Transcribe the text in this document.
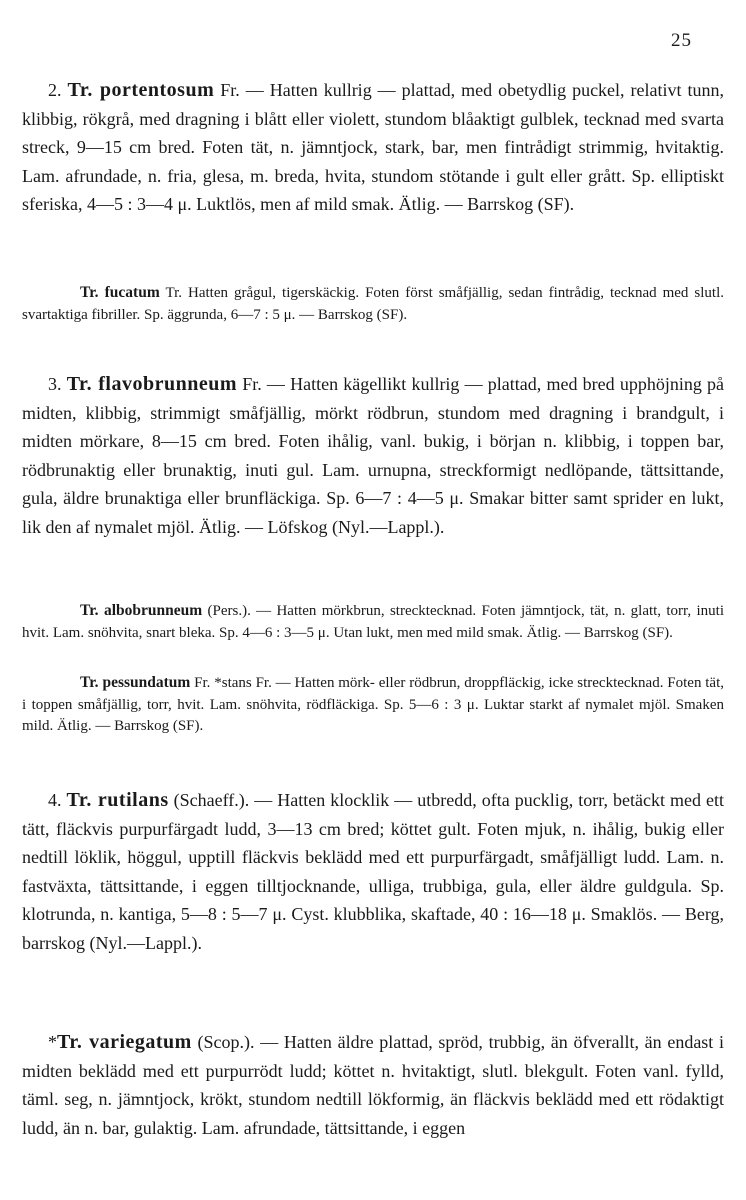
25

2. Tr. portentosum Fr. — Hatten kullrig — plattad, med obetydlig puckel, relativt tunn, klibbig, rökgrå, med dragning i blått eller violett, stundom blåaktigt gulblek, tecknad med svarta streck, 9—15 cm bred. Foten tät, n. jämntjock, stark, bar, men fintrådigt strimmig, hvitaktig. Lam. afrundade, n. fria, glesa, m. breda, hvita, stundom stötande i gult eller grått. Sp. elliptiskt sferiska, 4—5 : 3—4 μ. Luktlös, men af mild smak. Ätlig. — Barrskog (SF).

Tr. fucatum Tr. Hatten grågul, tigerskäckig. Foten först småfjällig, sedan fintrådig, tecknad med slutl. svartaktiga fibriller. Sp. äggrunda, 6—7 : 5 μ. — Barrskog (SF).

3. Tr. flavobrunneum Fr. — Hatten kägellikt kullrig — plattad, med bred upphöjning på midten, klibbig, strimmigt småfjällig, mörkt rödbrun, stundom med dragning i brandgult, i midten mörkare, 8—15 cm bred. Foten ihålig, vanl. bukig, i början n. klibbig, i toppen bar, rödbrunaktig eller brunaktig, inuti gul. Lam. urnupna, streckformigt nedlöpande, tättsittande, gula, äldre brunaktiga eller brunfläckiga. Sp. 6—7 : 4—5 μ. Smakar bitter samt sprider en lukt, lik den af nymalet mjöl. Ätlig. — Löfskog (Nyl.—Lappl.).

Tr. albobrunneum (Pers.). — Hatten mörkbrun, strecktecknad. Foten jämntjock, tät, n. glatt, torr, inuti hvit. Lam. snöhvita, snart bleka. Sp. 4—6 : 3—5 μ. Utan lukt, men med mild smak. Ätlig. — Barrskog (SF).

Tr. pessundatum Fr. *stans Fr. — Hatten mörk- eller rödbrun, droppfläckig, icke strecktecknad. Foten tät, i toppen småfjällig, torr, hvit. Lam. snöhvita, rödfläckiga. Sp. 5—6 : 3 μ. Luktar starkt af nymalet mjöl. Smaken mild. Ätlig. — Barrskog (SF).

4. Tr. rutilans (Schaeff.). — Hatten klocklik — utbredd, ofta pucklig, torr, betäckt med ett tätt, fläckvis purpurfärgadt ludd, 3—13 cm bred; köttet gult. Foten mjuk, n. ihålig, bukig eller nedtill löklik, höggul, upptill fläckvis beklädd med ett purpurfärgadt, småfjälligt ludd. Lam. n. fastväxta, tättsittande, i eggen tilltjocknande, ulliga, trubbiga, gula, eller äldre guldgula. Sp. klotrunda, n. kantiga, 5—8 : 5—7 μ. Cyst. klubblika, skaftade, 40 : 16—18 μ. Smaklös. — Berg, barrskog (Nyl.—Lappl.).

*Tr. variegatum (Scop.). — Hatten äldre plattad, spröd, trubbig, än öfverallt, än endast i midten beklädd med ett purpurrödt ludd; köttet n. hvitaktigt, slutl. blekgult. Foten vanl. fylld, täml. seg, n. jämntjock, krökt, stundom nedtill lökformig, än fläckvis beklädd med ett rödaktigt ludd, än n. bar, gulaktig. Lam. afrundade, tättsittande, i eggen
